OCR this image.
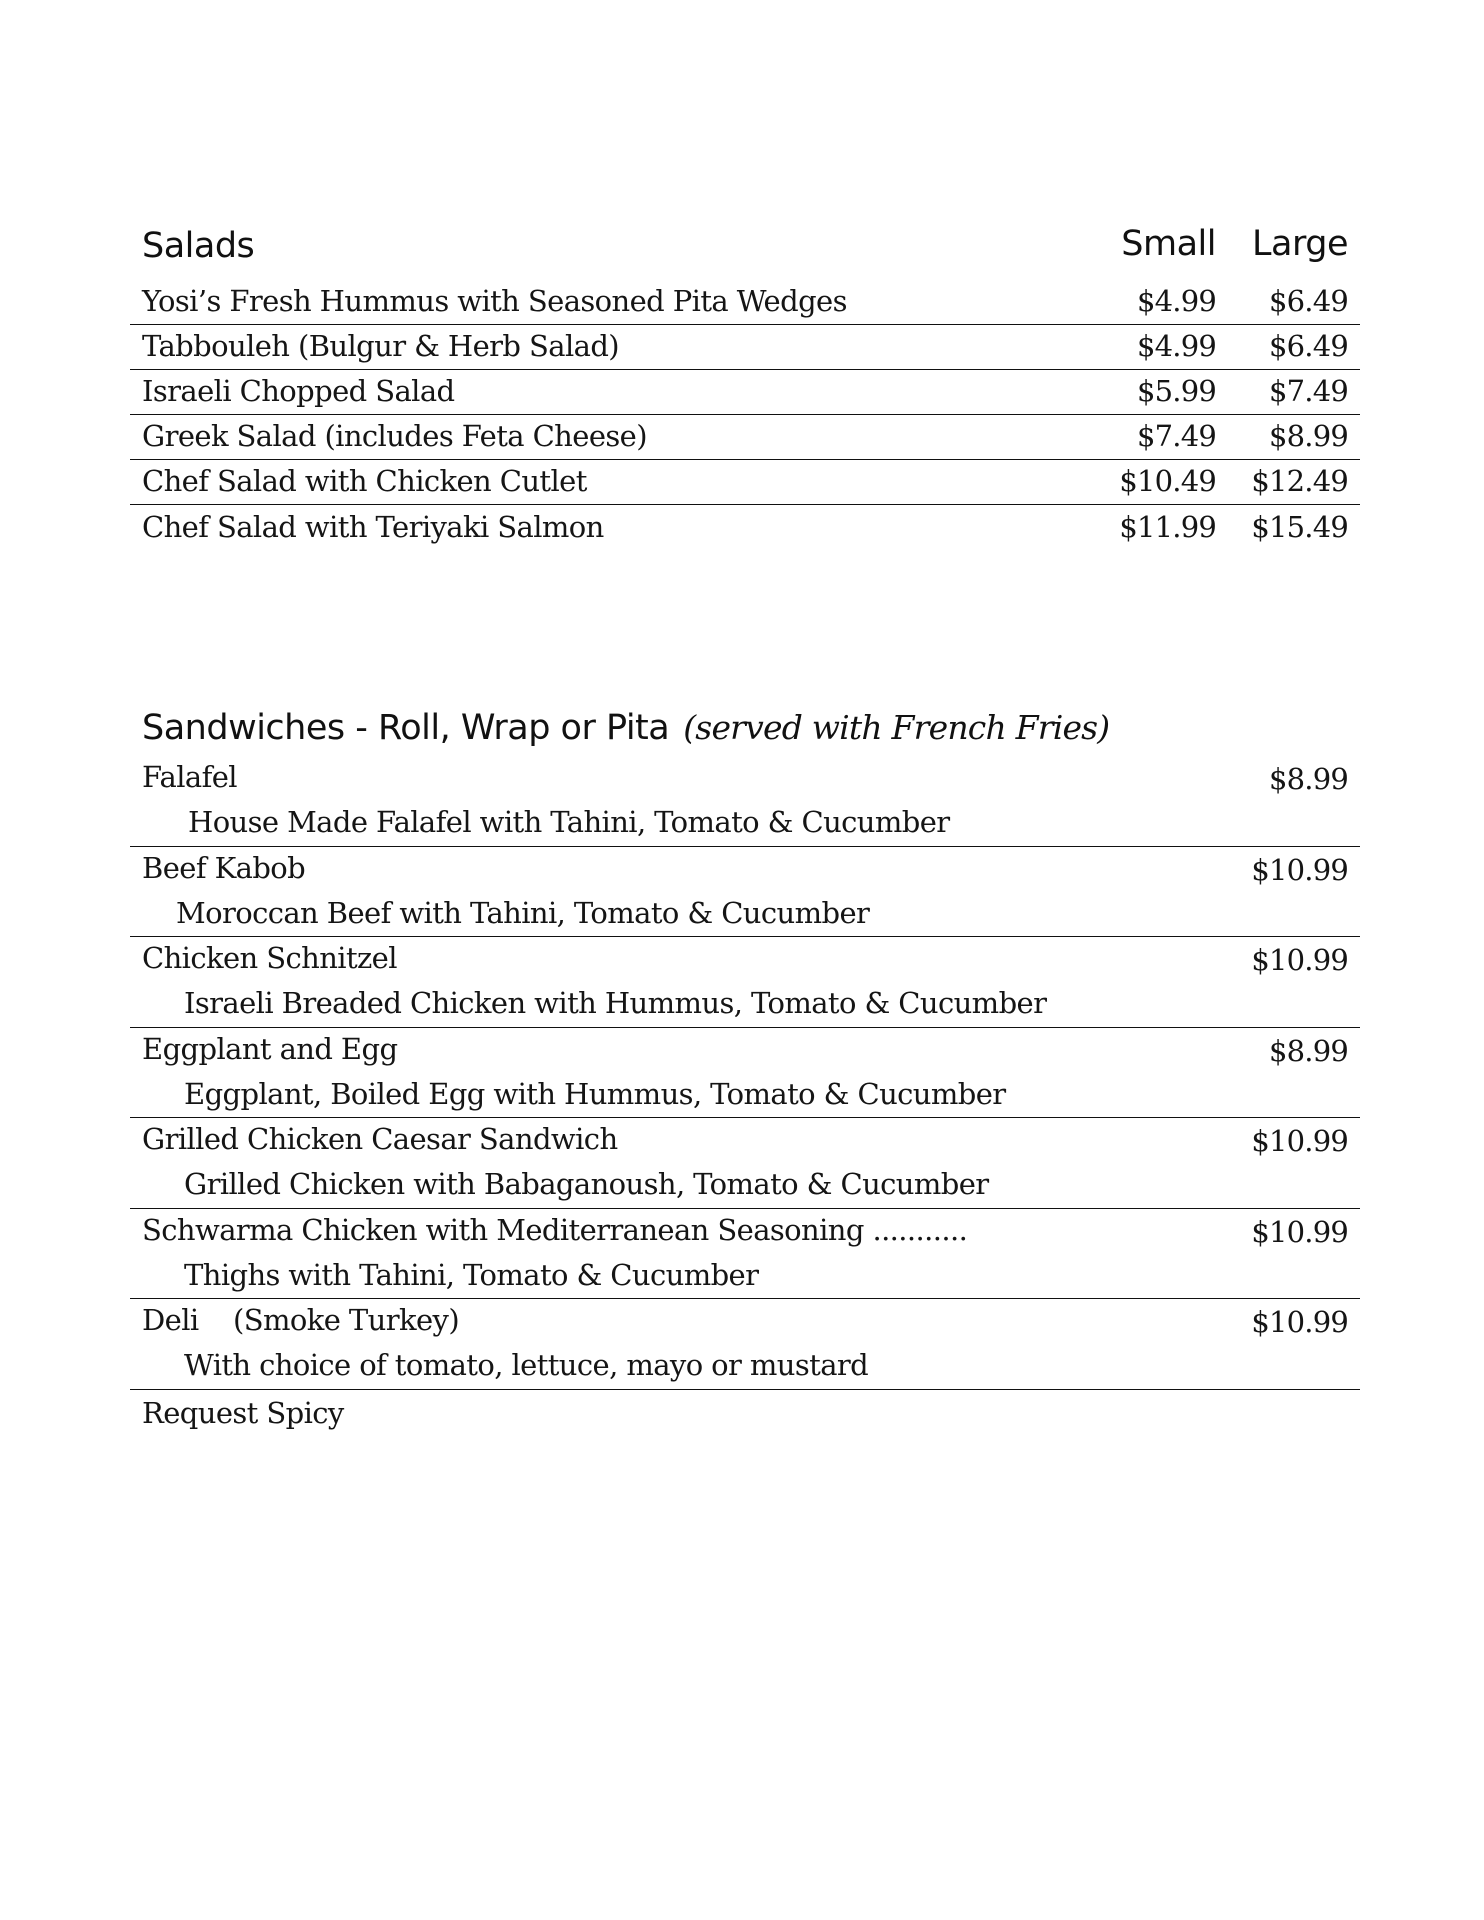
Salads	Small Large
Yosi’s Fresh Hummus with Seasoned Pita Wedges	$4.99 $6.49
Tabbouleh (Bulgur & Herb Salad)	$4.99 $6.49
Israeli Chopped Salad	$5.99 $7.49
Greek Salad (includes Feta Cheese)	$7.49 $8.99
Chef Salad with Chicken Cutlet	$10.49 $12.49
Chef Salad with Teriyaki Salmon	$11.99 $15.49
Sandwiches - Roll, Wrap or Pita (served with French Fries)
Falafel	$8.99
House Made Falafel with Tahini, Tomato & Cucumber
Beef Kabob	$10.99
Moroccan Beef with Tahini, Tomato & Cucumber
Chicken Schnitzel	$10.99
Israeli Breaded Chicken with Hummus, Tomato & Cucumber
Eggplant and Egg	$8.99
Eggplant, Boiled Egg with Hummus, Tomato & Cucumber
Grilled Chicken Caesar Sandwich	$10.99
Grilled Chicken with Babaganoush, Tomato & Cucumber
Schwarma Chicken with Mediterranean Seasoning ...........	$10.99
Thighs with Tahini, Tomato & Cucumber
Deli    (Smoke Turkey)	$10.99
With choice of tomato, lettuce, mayo or mustard
Request Spicy
